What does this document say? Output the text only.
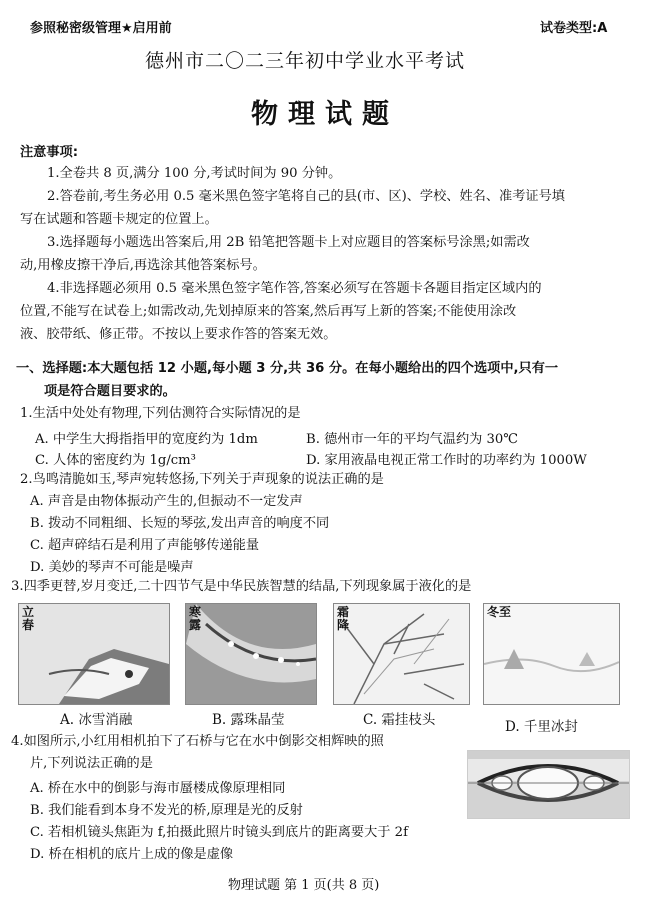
参照秘密级管理★启用前	试卷类型:A
德州市二〇二三年初中学业水平考试
物理试题
注意事项:
1.全卷共 8 页,满分 100 分,考试时间为 90 分钟。
2.答卷前,考生务必用 0.5 毫米黑色签字笔将自己的县(市、区)、学校、姓名、准考证号填
写在试题和答题卡规定的位置上。
3.选择题每小题选出答案后,用 2B 铅笔把答题卡上对应题目的答案标号涂黑;如需改
动,用橡皮擦干净后,再选涂其他答案标号。
4.非选择题必须用 0.5 毫米黑色签字笔作答,答案必须写在答题卡各题目指定区域内的
位置,不能写在试卷上;如需改动,先划掉原来的答案,然后再写上新的答案;不能使用涂改
液、胶带纸、修正带。不按以上要求作答的答案无效。
一、选择题:本大题包括 12 小题,每小题 3 分,共 36 分。在每小题给出的四个选项中,只有一
项是符合题目要求的。
1.生活中处处有物理,下列估测符合实际情况的是
A. 中学生大拇指指甲的宽度约为 1dm	B. 德州市一年的平均气温约为 30℃
C. 人体的密度约为 1g/cm³	D. 家用液晶电视正常工作时的功率约为 1000W
2.鸟鸣清脆如玉,琴声宛转悠扬,下列关于声现象的说法正确的是
A. 声音是由物体振动产生的,但振动不一定发声
B. 拨动不同粗细、长短的琴弦,发出声音的响度不同
C. 超声碎结石是利用了声能够传递能量
D. 美妙的琴声不可能是噪声
3.四季更替,岁月变迁,二十四节气是中华民族智慧的结晶,下列现象属于液化的是
立春
A. 冰雪消融
寒露
B. 露珠晶莹
霜降
C. 霜挂枝头
冬至
D. 千里冰封
4.如图所示,小红用相机拍下了石桥与它在水中倒影交相辉映的照
片,下列说法正确的是
A. 桥在水中的倒影与海市蜃楼成像原理相同
B. 我们能看到本身不发光的桥,原理是光的反射
C. 若相机镜头焦距为 f,拍摄此照片时镜头到底片的距离要大于 2f
D. 桥在相机的底片上成的像是虚像
物理试题 第 1 页(共 8 页)
